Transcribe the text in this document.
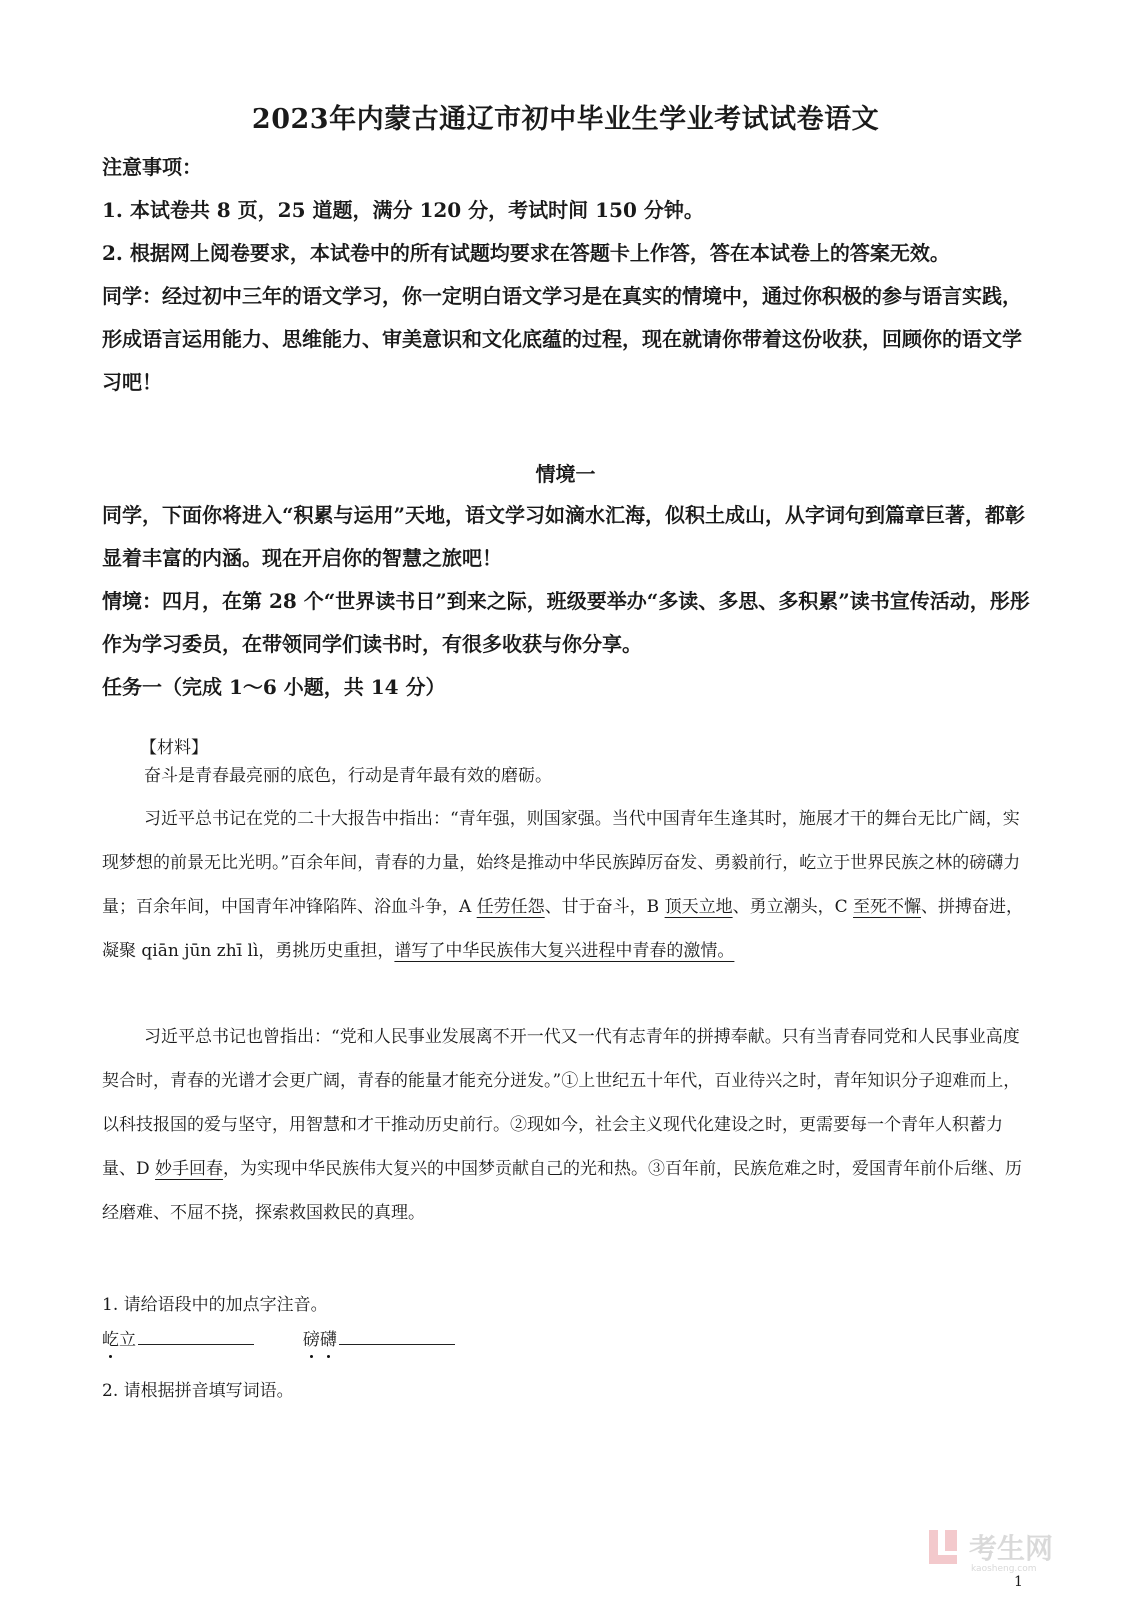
2023年内蒙古通辽市初中毕业生学业考试试卷语文
注意事项：
1. 本试卷共 8 页，25 道题，满分 120 分，考试时间 150 分钟。
2. 根据网上阅卷要求，本试卷中的所有试题均要求在答题卡上作答，答在本试卷上的答案无效。
同学：经过初中三年的语文学习，你一定明白语文学习是在真实的情境中，通过你积极的参与语言实践，形成语言运用能力、思维能力、审美意识和文化底蕴的过程，现在就请你带着这份收获，回顾你的语文学习吧！
情境一
同学，下面你将进入“积累与运用”天地，语文学习如滴水汇海，似积土成山，从字词句到篇章巨著，都彰显着丰富的内涵。现在开启你的智慧之旅吧！
情境：四月，在第 28 个“世界读书日”到来之际，班级要举办“多读、多思、多积累”读书宣传活动，彤彤作为学习委员，在带领同学们读书时，有很多收获与你分享。
任务一（完成 1～6 小题，共 14 分）
【材料】
奋斗是青春最亮丽的底色，行动是青年最有效的磨砺。
习近平总书记在党的二十大报告中指出：“青年强，则国家强。当代中国青年生逢其时，施展才干的舞台无比广阔，实现梦想的前景无比光明。”百余年间，青春的力量，始终是推动中华民族踔厉奋发、勇毅前行，屹立于世界民族之林的磅礴力量；百余年间，中国青年冲锋陷阵、浴血斗争，A 任劳任怨、甘于奋斗，B 顶天立地、勇立潮头，C 至死不懈、拼搏奋进，凝聚 qiān jūn zhī lì，勇挑历史重担，谱写了中华民族伟大复兴进程中青春的激情。
习近平总书记也曾指出：“党和人民事业发展离不开一代又一代有志青年的拼搏奉献。只有当青春同党和人民事业高度契合时，青春的光谱才会更广阔，青春的能量才能充分迸发。”①上世纪五十年代，百业待兴之时，青年知识分子迎难而上，以科技报国的爱与坚守，用智慧和才干推动历史前行。②现如今，社会主义现代化建设之时，更需要每一个青年人积蓄力量、D 妙手回春，为实现中华民族伟大复兴的中国梦贡献自己的光和热。③百年前，民族危难之时，爱国青年前仆后继、历经磨难、不屈不挠，探索救国救民的真理。
1. 请给语段中的加点字注音。
屹
立	磅
礴
2. 请根据拼音填写词语。
考生网
kaosheng.com
1
